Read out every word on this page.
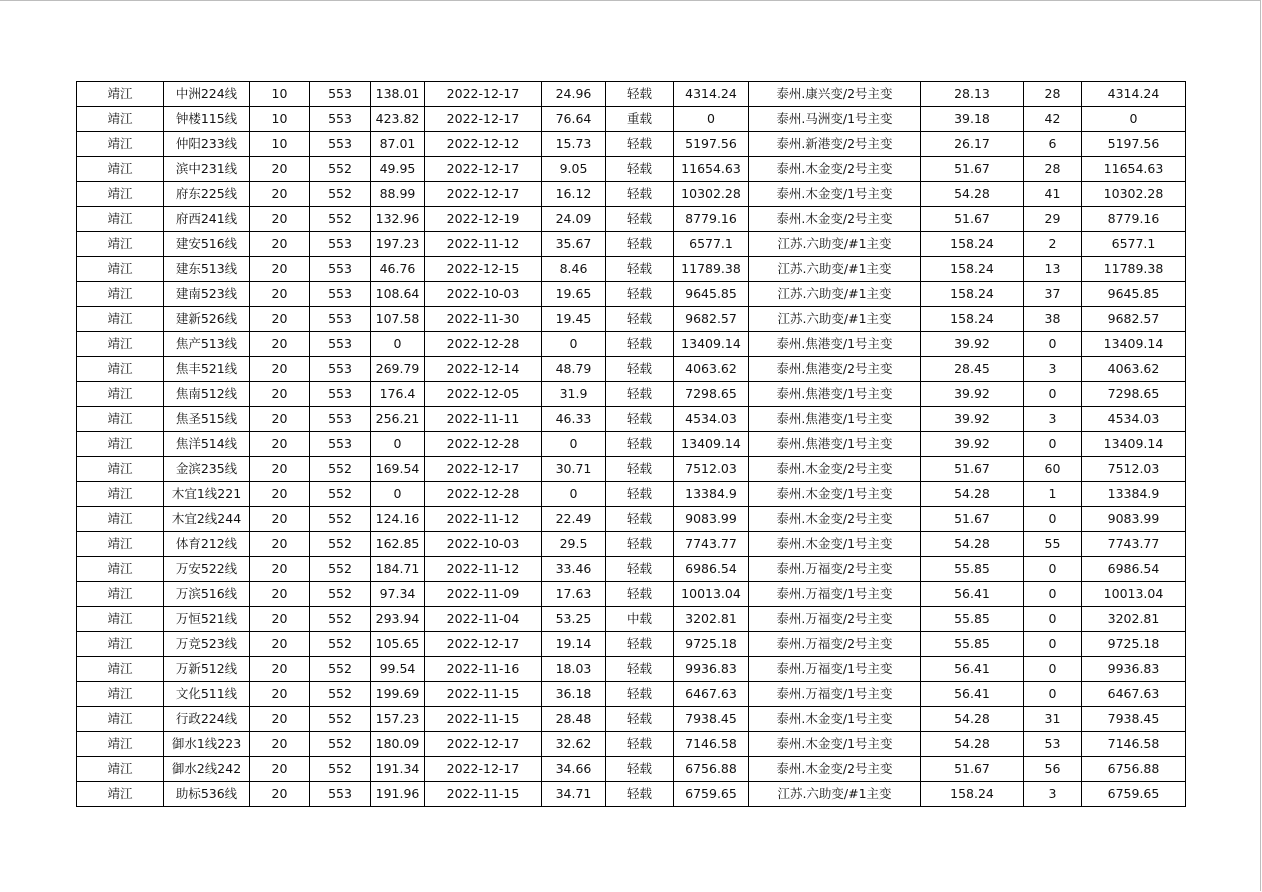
靖江	中洲224线	10	553	138.01	2022-12-17	24.96	轻载	4314.24	泰州.康兴变/2号主变	28.13	28	4314.24
靖江	钟楼115线	10	553	423.82	2022-12-17	76.64	重载	0	泰州.马洲变/1号主变	39.18	42	0
靖江	仲阳233线	10	553	87.01	2022-12-12	15.73	轻载	5197.56	泰州.新港变/2号主变	26.17	6	5197.56
靖江	滨中231线	20	552	49.95	2022-12-17	9.05	轻载	11654.63	泰州.木金变/2号主变	51.67	28	11654.63
靖江	府东225线	20	552	88.99	2022-12-17	16.12	轻载	10302.28	泰州.木金变/1号主变	54.28	41	10302.28
靖江	府西241线	20	552	132.96	2022-12-19	24.09	轻载	8779.16	泰州.木金变/2号主变	51.67	29	8779.16
靖江	建安516线	20	553	197.23	2022-11-12	35.67	轻载	6577.1	江苏.六助变/#1主变	158.24	2	6577.1
靖江	建东513线	20	553	46.76	2022-12-15	8.46	轻载	11789.38	江苏.六助变/#1主变	158.24	13	11789.38
靖江	建南523线	20	553	108.64	2022-10-03	19.65	轻载	9645.85	江苏.六助变/#1主变	158.24	37	9645.85
靖江	建新526线	20	553	107.58	2022-11-30	19.45	轻载	9682.57	江苏.六助变/#1主变	158.24	38	9682.57
靖江	焦产513线	20	553	0	2022-12-28	0	轻载	13409.14	泰州.焦港变/1号主变	39.92	0	13409.14
靖江	焦丰521线	20	553	269.79	2022-12-14	48.79	轻载	4063.62	泰州.焦港变/2号主变	28.45	3	4063.62
靖江	焦南512线	20	553	176.4	2022-12-05	31.9	轻载	7298.65	泰州.焦港变/1号主变	39.92	0	7298.65
靖江	焦圣515线	20	553	256.21	2022-11-11	46.33	轻载	4534.03	泰州.焦港变/1号主变	39.92	3	4534.03
靖江	焦洋514线	20	553	0	2022-12-28	0	轻载	13409.14	泰州.焦港变/1号主变	39.92	0	13409.14
靖江	金滨235线	20	552	169.54	2022-12-17	30.71	轻载	7512.03	泰州.木金变/2号主变	51.67	60	7512.03
靖江	木宜1线221	20	552	0	2022-12-28	0	轻载	13384.9	泰州.木金变/1号主变	54.28	1	13384.9
靖江	木宜2线244	20	552	124.16	2022-11-12	22.49	轻载	9083.99	泰州.木金变/2号主变	51.67	0	9083.99
靖江	体育212线	20	552	162.85	2022-10-03	29.5	轻载	7743.77	泰州.木金变/1号主变	54.28	55	7743.77
靖江	万安522线	20	552	184.71	2022-11-12	33.46	轻载	6986.54	泰州.万福变/2号主变	55.85	0	6986.54
靖江	万滨516线	20	552	97.34	2022-11-09	17.63	轻载	10013.04	泰州.万福变/1号主变	56.41	0	10013.04
靖江	万恒521线	20	552	293.94	2022-11-04	53.25	中载	3202.81	泰州.万福变/2号主变	55.85	0	3202.81
靖江	万竞523线	20	552	105.65	2022-12-17	19.14	轻载	9725.18	泰州.万福变/2号主变	55.85	0	9725.18
靖江	万新512线	20	552	99.54	2022-11-16	18.03	轻载	9936.83	泰州.万福变/1号主变	56.41	0	9936.83
靖江	文化511线	20	552	199.69	2022-11-15	36.18	轻载	6467.63	泰州.万福变/1号主变	56.41	0	6467.63
靖江	行政224线	20	552	157.23	2022-11-15	28.48	轻载	7938.45	泰州.木金变/1号主变	54.28	31	7938.45
靖江	御水1线223	20	552	180.09	2022-12-17	32.62	轻载	7146.58	泰州.木金变/1号主变	54.28	53	7146.58
靖江	御水2线242	20	552	191.34	2022-12-17	34.66	轻载	6756.88	泰州.木金变/2号主变	51.67	56	6756.88
靖江	助标536线	20	553	191.96	2022-11-15	34.71	轻载	6759.65	江苏.六助变/#1主变	158.24	3	6759.65
